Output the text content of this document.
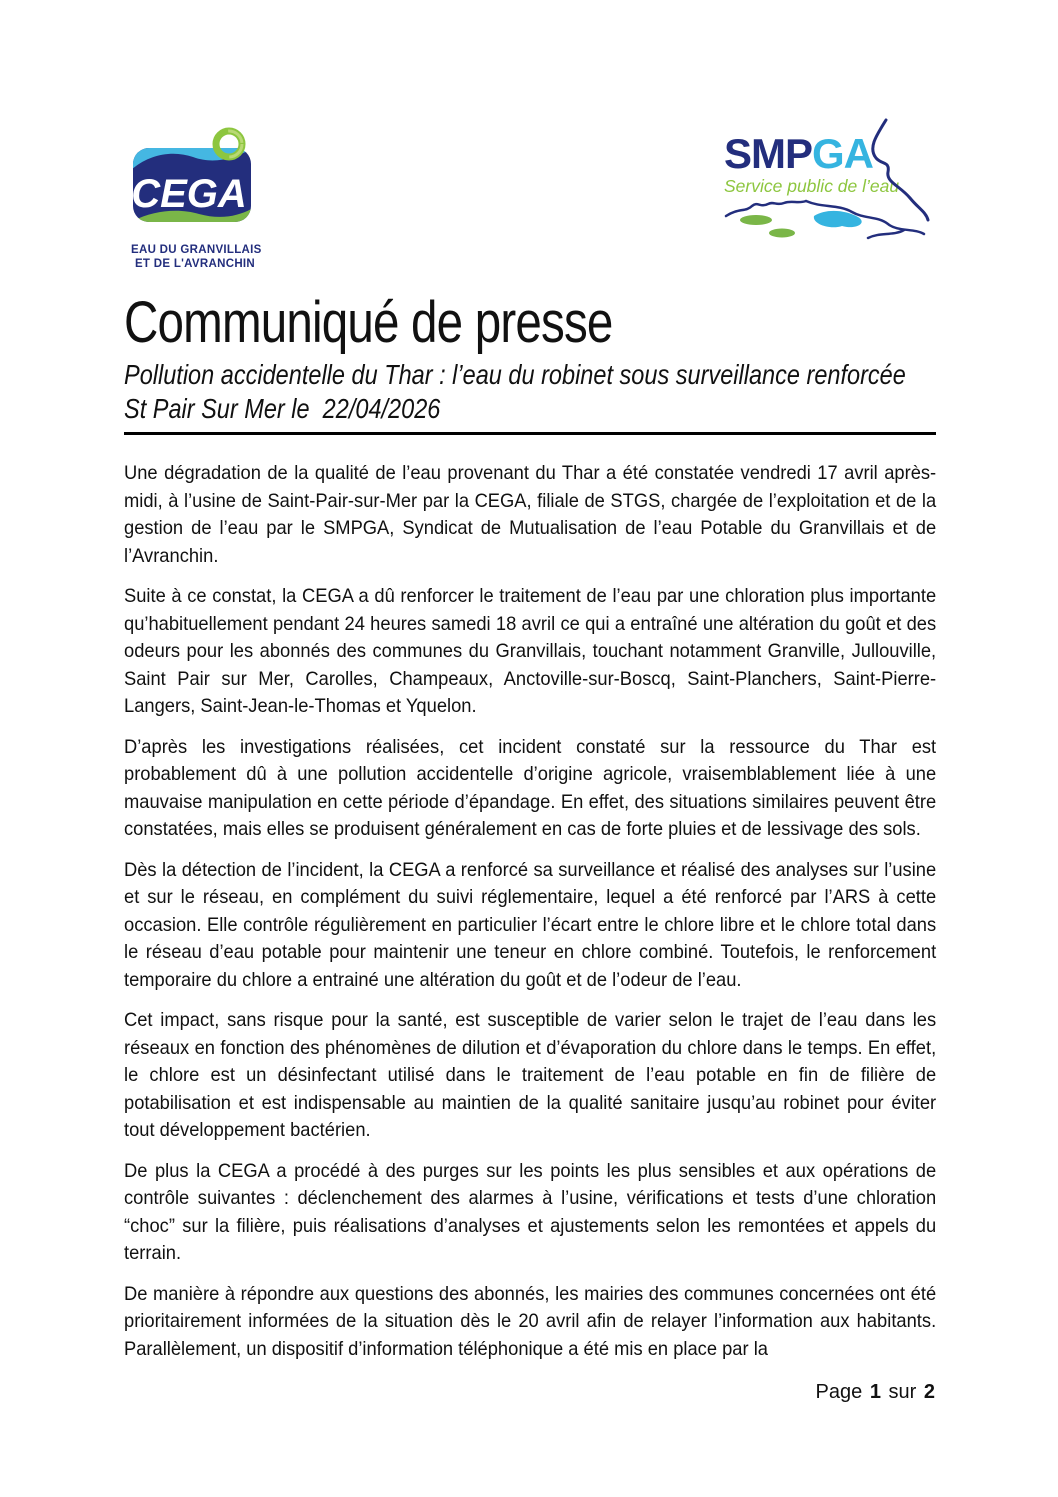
CEGA
EAU DU GRANVILLAIS
ET DE L'AVRANCHIN
SMPGA
Service public de l’eau
Communiqué de presse
Pollution accidentelle du Thar : l’eau du robinet sous surveillance renforcée
St Pair Sur Mer le  22/04/2026

Une dégradation de la qualité de l’eau provenant du Thar a été constatée vendredi 17 avril après-midi, à l’usine de Saint-Pair-sur-Mer par la CEGA, filiale de STGS, chargée de l’exploitation et de la gestion de l’eau par le SMPGA, Syndicat de Mutualisation de l’eau Potable du Granvillais et de l’Avranchin.

Suite à ce constat, la CEGA a dû renforcer le traitement de l’eau par une chloration plus importante qu’habituellement pendant 24 heures samedi 18 avril ce qui a entraîné une altération du goût et des odeurs pour les abonnés des communes du Granvillais, touchant notamment Granville, Jullouville, Saint Pair sur Mer, Carolles, Champeaux, Anctoville-sur-Boscq, Saint-Planchers, Saint-Pierre-Langers, Saint-Jean-le-Thomas et Yquelon.

D’après les investigations réalisées, cet incident constaté sur la ressource du Thar est probablement dû à une pollution accidentelle d’origine agricole, vraisemblablement liée à une mauvaise manipulation en cette période d’épandage. En effet, des situations similaires peuvent être constatées, mais elles se produisent généralement en cas de forte pluies et de lessivage des sols.

Dès la détection de l’incident, la CEGA a renforcé sa surveillance et réalisé des analyses sur l’usine et sur le réseau, en complément du suivi réglementaire, lequel a été renforcé par l’ARS à cette occasion. Elle contrôle régulièrement en particulier l’écart entre le chlore libre et le chlore total dans le réseau d’eau potable pour maintenir une teneur en chlore combiné. Toutefois, le renforcement temporaire du chlore a entrainé une altération du goût et de l’odeur de l’eau.

Cet impact, sans risque pour la santé, est susceptible de varier selon le trajet de l’eau dans les réseaux en fonction des phénomènes de dilution et d’évaporation du chlore dans le temps. En effet, le chlore est un désinfectant utilisé dans le traitement de l’eau potable en fin de filière de potabilisation et est indispensable au maintien de la qualité sanitaire jusqu’au robinet pour éviter tout développement bactérien.

De plus la CEGA a procédé à des purges sur les points les plus sensibles et aux opérations de contrôle suivantes : déclenchement des alarmes à l’usine, vérifications et tests d’une chloration “choc” sur la filière, puis réalisations d’analyses et ajustements selon les remontées et appels du terrain.

De manière à répondre aux questions des abonnés, les mairies des communes concernées ont été prioritairement informées de la situation dès le 20 avril afin de relayer l’information aux habitants. Parallèlement, un dispositif d’information téléphonique a été mis en place par la

Page 1 sur 2
